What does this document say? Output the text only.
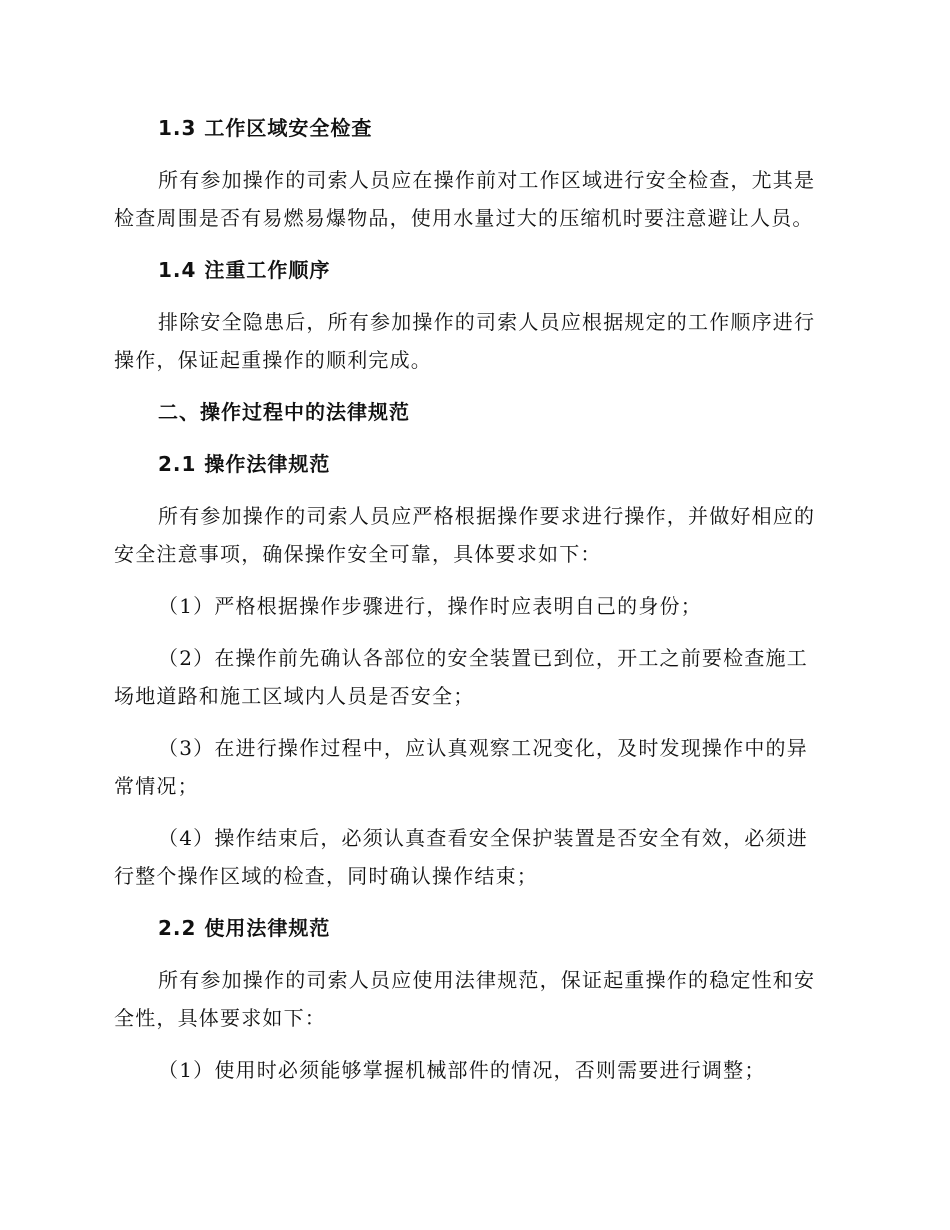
1.3 工作区域安全检查
所有参加操作的司索人员应在操作前对工作区域进行安全检查，尤其是
检查周围是否有易燃易爆物品，使用水量过大的压缩机时要注意避让人员。
1.4 注重工作顺序
排除安全隐患后，所有参加操作的司索人员应根据规定的工作顺序进行
操作，保证起重操作的顺利完成。
二、操作过程中的法律规范
2.1 操作法律规范
所有参加操作的司索人员应严格根据操作要求进行操作，并做好相应的
安全注意事项，确保操作安全可靠，具体要求如下：
（1）严格根据操作步骤进行，操作时应表明自己的身份；
（2）在操作前先确认各部位的安全装置已到位，开工之前要检查施工
场地道路和施工区域内人员是否安全；
（3）在进行操作过程中，应认真观察工况变化，及时发现操作中的异
常情况；
（4）操作结束后，必须认真查看安全保护装置是否安全有效，必须进
行整个操作区域的检查，同时确认操作结束；
2.2 使用法律规范
所有参加操作的司索人员应使用法律规范，保证起重操作的稳定性和安
全性，具体要求如下：
（1）使用时必须能够掌握机械部件的情况，否则需要进行调整；
